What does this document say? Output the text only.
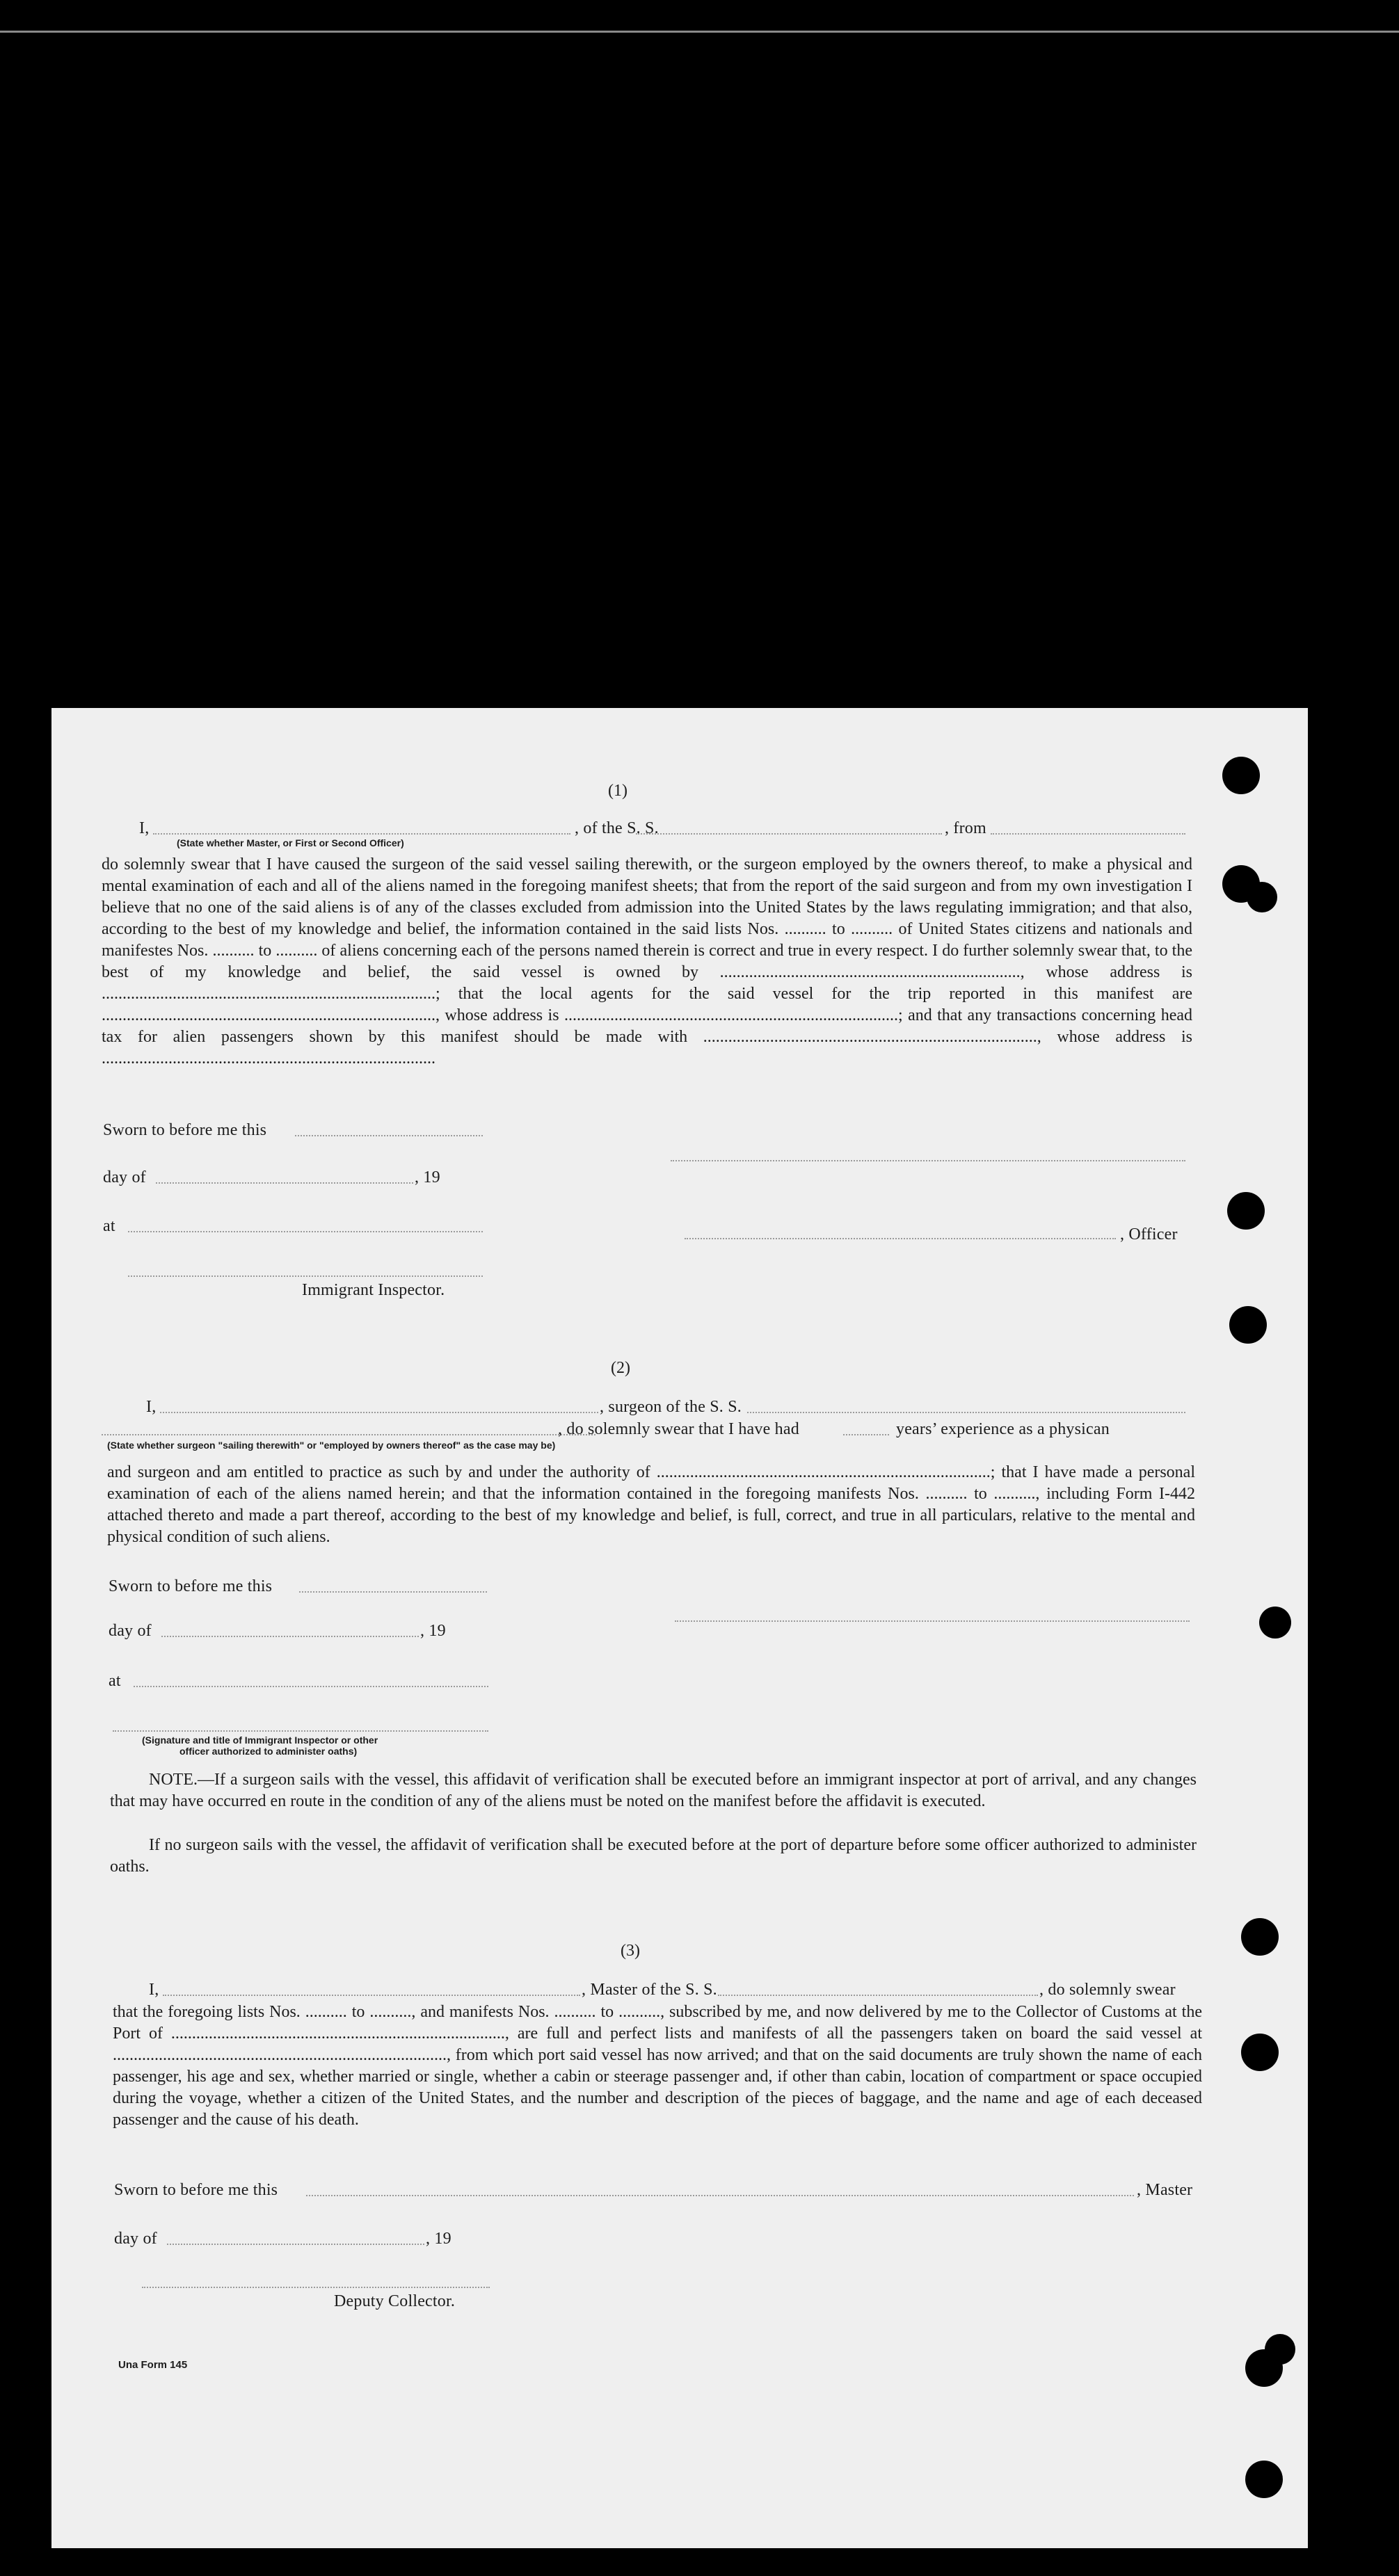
(1)
I,
(State whether Master, or First or Second Officer)
, of the S. S.	, from
do solemnly swear that I have caused the surgeon of the said vessel sailing therewith, or the surgeon employed by the owners thereof, to make a physical and mental examination of each and all of the aliens named in the foregoing manifest sheets; that from the report of the said surgeon and from my own investigation I believe that no one of the said aliens is of any of the classes excluded from admission into the United States by the laws regulating immigration; and that also, according to the best of my knowledge and belief, the information contained in the said lists Nos. .......... to .......... of United States citizens and nationals and manifestes Nos. .......... to .......... of aliens concerning each of the persons named therein is correct and true in every respect. I do further solemnly swear that, to the best of my knowledge and belief, the said vessel is owned by ........................................................................, whose address is ................................................................................; that the local agents for the said vessel for the trip reported in this manifest are ................................................................................, whose address is ................................................................................; and that any transactions concerning head tax for alien passengers shown by this manifest should be made with ................................................................................, whose address is ................................................................................
Sworn to before me this
day of	, 19
at	, Officer
Immigrant Inspector.
(2)
I,	, surgeon of the S. S.
, do solemnly swear that I have had	years’ experience as a physican
(State whether surgeon "sailing therewith" or "employed by owners thereof" as the case may be)
and surgeon and am entitled to practice as such by and under the authority of ................................................................................; that I have made a personal examination of each of the aliens named herein; and that the information contained in the foregoing manifests Nos. .......... to .........., including Form I-442 attached thereto and made a part thereof, according to the best of my knowledge and belief, is full, correct, and true in all particulars, relative to the mental and physical condition of such aliens.
Sworn to before me this
day of	, 19
at
(Signature and title of Immigrant Inspector or other
officer authorized to administer oaths)
NOTE.—If a surgeon sails with the vessel, this affidavit of verification shall be executed before an immigrant inspector at port of arrival, and any changes that may have occurred en route in the condition of any of the aliens must be noted on the manifest before the affidavit is executed.
If no surgeon sails with the vessel, the affidavit of verification shall be executed before at the port of departure before some officer authorized to administer oaths.
(3)
I,	, Master of the S. S.	, do solemnly swear
that the foregoing lists Nos. .......... to .........., and manifests Nos. .......... to .........., subscribed by me, and now delivered by me to the Collector of Customs at the Port of ................................................................................, are full and perfect lists and manifests of all the passengers taken on board the said vessel at ................................................................................, from which port said vessel has now arrived; and that on the said documents are truly shown the name of each passenger, his age and sex, whether married or single, whether a cabin or steerage passenger and, if other than cabin, location of compartment or space occupied during the voyage, whether a citizen of the United States, and the number and description of the pieces of baggage, and the name and age of each deceased passenger and the cause of his death.
Sworn to before me this	, Master
day of	, 19
Deputy Collector.
Una Form 145
